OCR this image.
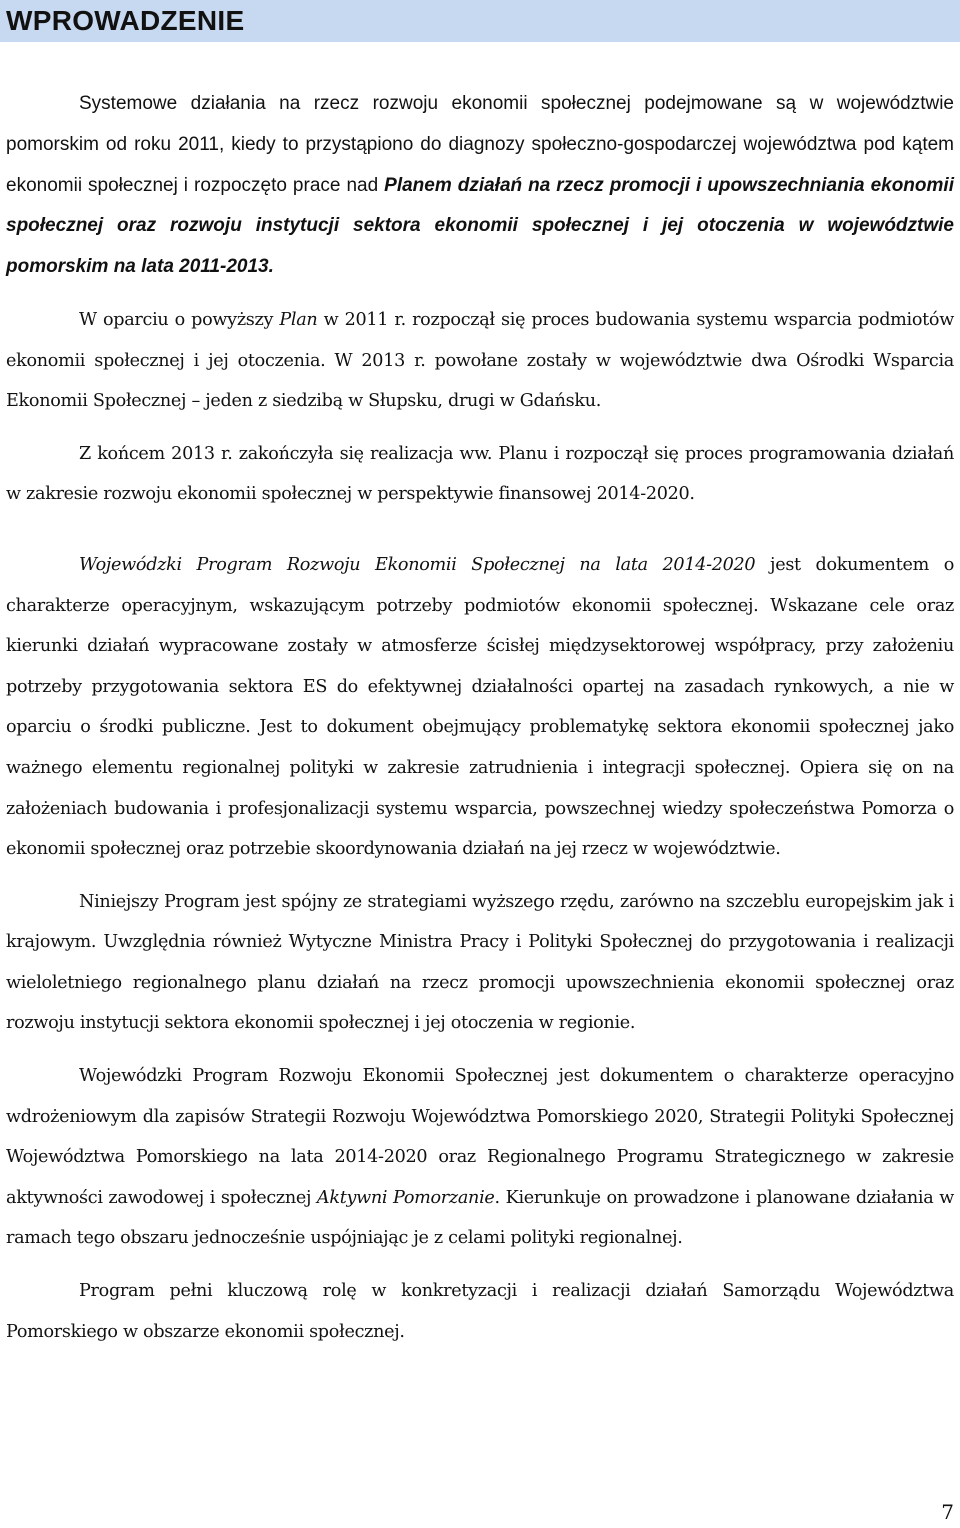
WPROWADZENIE

Systemowe działania na rzecz rozwoju ekonomii społecznej podejmowane są w województwie pomorskim od roku 2011, kiedy to przystąpiono do diagnozy społeczno-gospodarczej województwa pod kątem ekonomii społecznej i rozpoczęto prace nad Planem działań na rzecz promocji i upowszechniania ekonomii społecznej oraz rozwoju instytucji sektora ekonomii społecznej i jej otoczenia w województwie pomorskim na lata 2011-2013.

W oparciu o powyższy Plan w 2011 r. rozpoczął się proces budowania systemu wsparcia podmiotów ekonomii społecznej i jej otoczenia. W 2013 r. powołane zostały w województwie dwa Ośrodki Wsparcia Ekonomii Społecznej – jeden z siedzibą w Słupsku, drugi w Gdańsku.

Z końcem 2013 r. zakończyła się realizacja ww. Planu i rozpoczął się proces programowania działań w zakresie rozwoju ekonomii społecznej w perspektywie finansowej 2014-2020.

Wojewódzki Program Rozwoju Ekonomii Społecznej na lata 2014-2020 jest dokumentem o charakterze operacyjnym, wskazującym potrzeby podmiotów ekonomii społecznej. Wskazane cele oraz kierunki działań wypracowane zostały w atmosferze ścisłej międzysektorowej współpracy, przy założeniu potrzeby przygotowania sektora ES do efektywnej działalności opartej na zasadach rynkowych, a nie w oparciu o środki publiczne. Jest to dokument obejmujący problematykę sektora ekonomii społecznej jako ważnego elementu regionalnej polityki w zakresie zatrudnienia i integracji społecznej. Opiera się on na założeniach budowania i profesjonalizacji systemu wsparcia, powszechnej wiedzy społeczeństwa Pomorza o ekonomii społecznej oraz potrzebie skoordynowania działań na jej rzecz w województwie.

Niniejszy Program jest spójny ze strategiami wyższego rzędu, zarówno na szczeblu europejskim jak i krajowym. Uwzględnia również Wytyczne Ministra Pracy i Polityki Społecznej do przygotowania i realizacji wieloletniego regionalnego planu działań na rzecz promocji upowszechnienia ekonomii społecznej oraz rozwoju instytucji sektora ekonomii społecznej i jej otoczenia w regionie.

Wojewódzki Program Rozwoju Ekonomii Społecznej jest dokumentem o charakterze operacyjno wdrożeniowym dla zapisów Strategii Rozwoju Województwa Pomorskiego 2020, Strategii Polityki Społecznej Województwa Pomorskiego na lata 2014-2020 oraz Regionalnego Programu Strategicznego w zakresie aktywności zawodowej i społecznej Aktywni Pomorzanie. Kierunkuje on prowadzone i planowane działania w ramach tego obszaru jednocześnie uspójniając je z celami polityki regionalnej.

Program pełni kluczową rolę w konkretyzacji i realizacji działań Samorządu Województwa Pomorskiego w obszarze ekonomii społecznej.

7
